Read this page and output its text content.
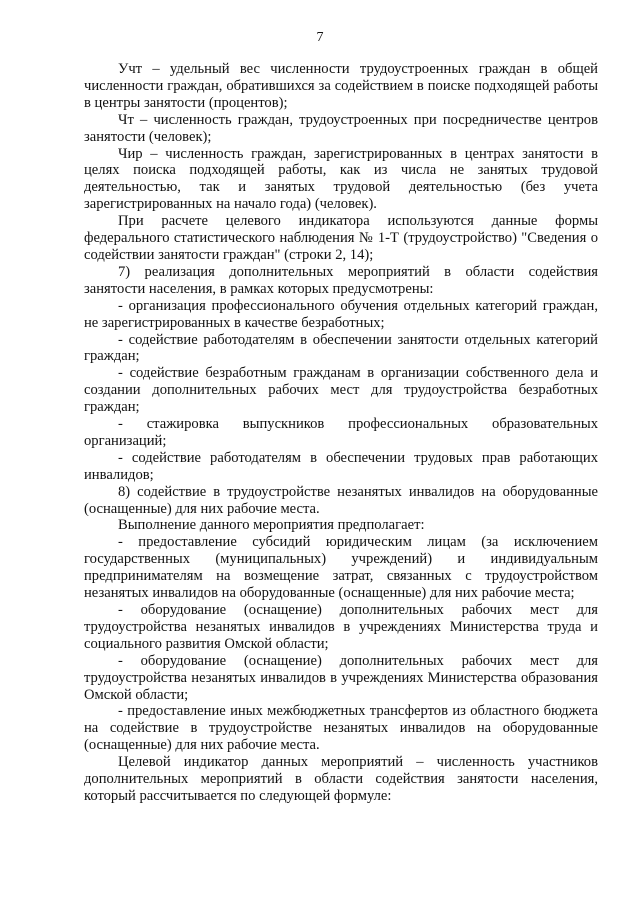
7

Учт – удельный вес численности трудоустроенных граждан в общей численности граждан, обратившихся за содействием в поиске подходящей работы в центры занятости (процентов);

Чт – численность граждан, трудоустроенных при посредничестве центров занятости (человек);

Чир – численность граждан, зарегистрированных в центрах занятости в целях поиска подходящей работы, как из числа не занятых трудовой деятельностью, так и занятых трудовой деятельностью (без учета зарегистрированных на начало года) (человек).

При расчете целевого индикатора используются данные формы федерального статистического наблюдения № 1-Т (трудоустройство) "Сведения о содействии занятости граждан" (строки 2, 14);

7) реализация дополнительных мероприятий в области содействия занятости населения, в рамках которых предусмотрены:

- организация профессионального обучения отдельных категорий граждан, не зарегистрированных в качестве безработных;

- содействие работодателям в обеспечении занятости отдельных категорий граждан;

- содействие безработным гражданам в организации собственного дела и создании дополнительных рабочих мест для трудоустройства безработных граждан;

- стажировка выпускников профессиональных образовательных организаций;

- содействие работодателям в обеспечении трудовых прав работающих инвалидов;

8) содействие в трудоустройстве незанятых инвалидов на оборудованные (оснащенные) для них рабочие места.

Выполнение данного мероприятия предполагает:

- предоставление субсидий юридическим лицам (за исключением государственных (муниципальных) учреждений) и индивидуальным предпринимателям на возмещение затрат, связанных с трудоустройством незанятых инвалидов на оборудованные (оснащенные) для них рабочие места;

- оборудование (оснащение) дополнительных рабочих мест для трудоустройства незанятых инвалидов в учреждениях Министерства труда и социального развития Омской области;

- оборудование (оснащение) дополнительных рабочих мест для трудоустройства незанятых инвалидов в учреждениях Министерства образования Омской области;

- предоставление иных межбюджетных трансфертов из областного бюджета на содействие в трудоустройстве незанятых инвалидов на оборудованные (оснащенные) для них рабочие места.

Целевой индикатор данных мероприятий – численность участников дополнительных мероприятий в области содействия занятости населения, который рассчитывается по следующей формуле:
